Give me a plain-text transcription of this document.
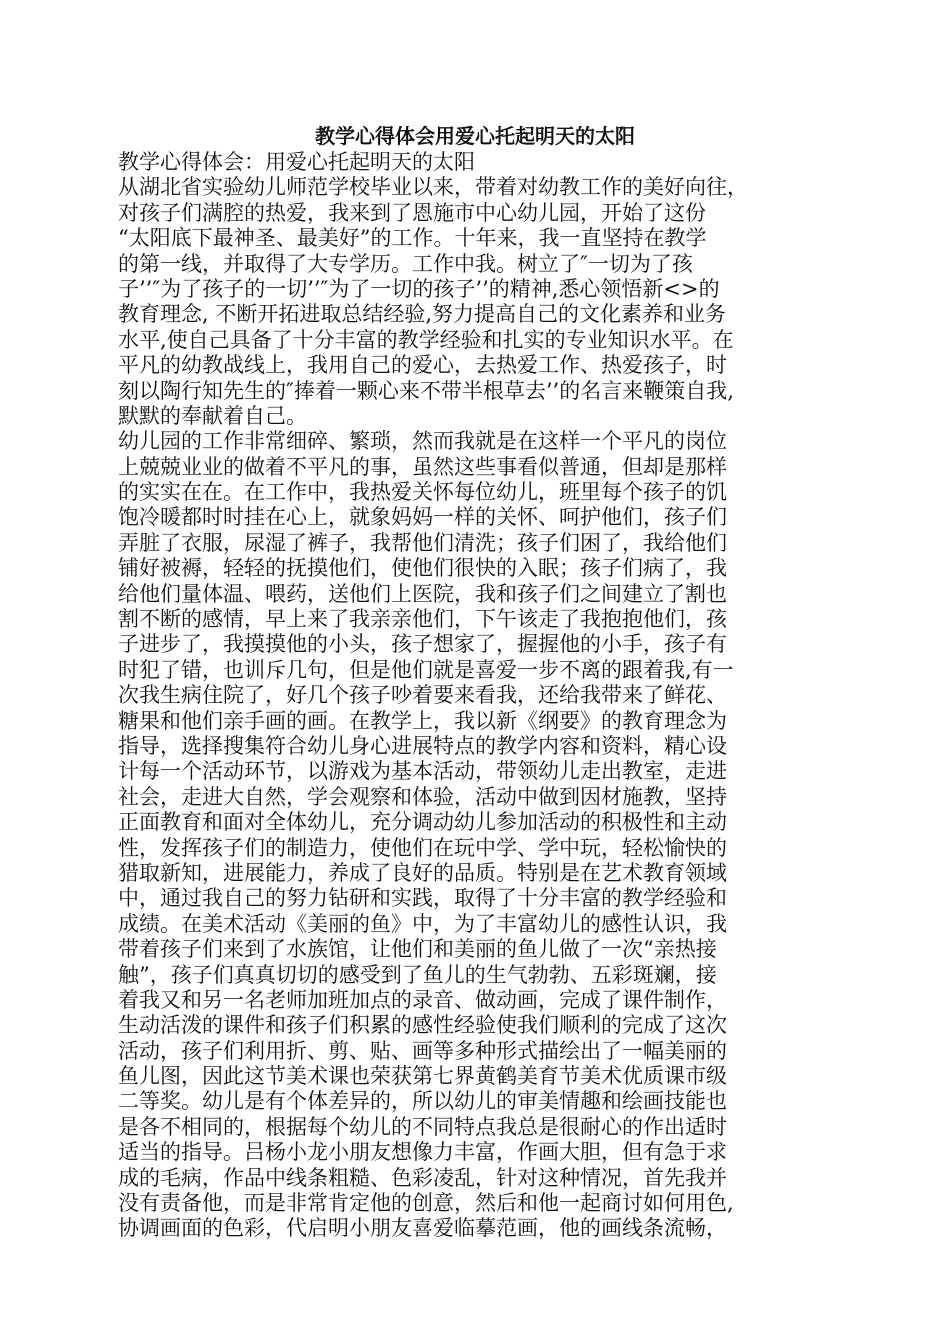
教学心得体会用爱心托起明天的太阳
教学心得体会：用爱心托起明天的太阳
从湖北省实验幼儿师范学校毕业以来，带着对幼教工作的美好向往，
对孩子们满腔的热爱，我来到了恩施市中心幼儿园，开始了这份
“太阳底下最神圣、最美好”的工作。十年来，我一直坚持在教学
的第一线，并取得了大专学历。工作中我。树立了″一切为了孩
子’’″为了孩子的一切’’″为了一切的孩子’’的精神,悉心领悟新<>的
教育理念, 不断开拓进取总结经验,努力提高自己的文化素养和业务
水平,使自己具备了十分丰富的教学经验和扎实的专业知识水平。在
平凡的幼教战线上，我用自己的爱心，去热爱工作、热爱孩子，时
刻以陶行知先生的″捧着一颗心来不带半根草去’’的名言来鞭策自我,
默默的奉献着自己。
幼儿园的工作非常细碎、繁琐，然而我就是在这样一个平凡的岗位
上兢兢业业的做着不平凡的事，虽然这些事看似普通，但却是那样
的实实在在。在工作中，我热爱关怀每位幼儿，班里每个孩子的饥
饱冷暖都时时挂在心上，就象妈妈一样的关怀、呵护他们，孩子们
弄脏了衣服，尿湿了裤子，我帮他们清洗；孩子们困了，我给他们
铺好被褥，轻轻的抚摸他们，使他们很快的入眠；孩子们病了，我
给他们量体温、喂药，送他们上医院，我和孩子们之间建立了割也
割不断的感情，早上来了我亲亲他们，下午该走了我抱抱他们，孩
子进步了，我摸摸他的小头，孩子想家了，握握他的小手，孩子有
时犯了错，也训斥几句，但是他们就是喜爱一步不离的跟着我,有一
次我生病住院了，好几个孩子吵着要来看我，还给我带来了鲜花、
糖果和他们亲手画的画。在教学上，我以新《纲要》的教育理念为
指导，选择搜集符合幼儿身心进展特点的教学内容和资料，精心设
计每一个活动环节，以游戏为基本活动，带领幼儿走出教室，走进
社会，走进大自然，学会观察和体验，活动中做到因材施教，坚持
正面教育和面对全体幼儿，充分调动幼儿参加活动的积极性和主动
性，发挥孩子们的制造力，使他们在玩中学、学中玩，轻松愉快的
猎取新知，进展能力，养成了良好的品质。特别是在艺术教育领域
中，通过我自己的努力钻研和实践，取得了十分丰富的教学经验和
成绩。在美术活动《美丽的鱼》中，为了丰富幼儿的感性认识，我
带着孩子们来到了水族馆，让他们和美丽的鱼儿做了一次“亲热接
触”，孩子们真真切切的感受到了鱼儿的生气勃勃、五彩斑斓，接
着我又和另一名老师加班加点的录音、做动画，完成了课件制作，
生动活泼的课件和孩子们积累的感性经验使我们顺利的完成了这次
活动，孩子们利用折、剪、贴、画等多种形式描绘出了一幅美丽的
鱼儿图，因此这节美术课也荣获第七界黄鹤美育节美术优质课市级
二等奖。幼儿是有个体差异的，所以幼儿的审美情趣和绘画技能也
是各不相同的，根据每个幼儿的不同特点我总是很耐心的作出适时
适当的指导。吕杨小龙小朋友想像力丰富，作画大胆，但有急于求
成的毛病，作品中线条粗糙、色彩凌乱，针对这种情况，首先我并
没有责备他，而是非常肯定他的创意，然后和他一起商讨如何用色,
协调画面的色彩，代启明小朋友喜爱临摹范画，他的画线条流畅，
